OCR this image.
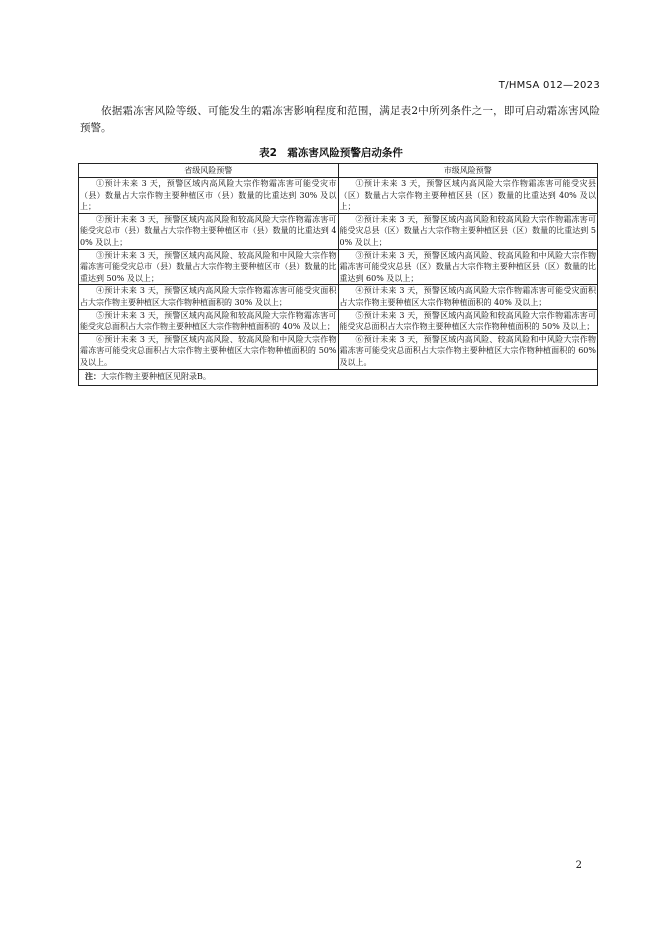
T/HMSA 012—2023

依据霜冻害风险等级、可能发生的霜冻害影响程度和范围，满足表2中所列条件之一，即可启动霜冻害风险预警。

表2　霜冻害风险预警启动条件
省级风险预警	市级风险预警
①预计未来 3 天，预警区域内高风险大宗作物霜冻害可能受灾市（县）数量占大宗作物主要种植区市（县）数量的比重达到 30% 及以上；	①预计未来 3 天，预警区域内高风险大宗作物霜冻害可能受灾县（区）数量占大宗作物主要种植区县（区）数量的比重达到 40% 及以上；
②预计未来 3 天，预警区域内高风险和较高风险大宗作物霜冻害可能受灾总市（县）数量占大宗作物主要种植区市（县）数量的比重达到 40% 及以上；	②预计未来 3 天，预警区域内高风险和较高风险大宗作物霜冻害可能受灾总县（区）数量占大宗作物主要种植区县（区）数量的比重达到 50% 及以上；
③预计未来 3 天，预警区域内高风险、较高风险和中风险大宗作物霜冻害可能受灾总市（县）数量占大宗作物主要种植区市（县）数量的比重达到 50% 及以上；	③预计未来 3 天，预警区域内高风险、较高风险和中风险大宗作物霜冻害可能受灾总县（区）数量占大宗作物主要种植区县（区）数量的比重达到 60% 及以上；
④预计未来 3 天，预警区域内高风险大宗作物霜冻害可能受灾面积占大宗作物主要种植区大宗作物种植面积的 30% 及以上；	④预计未来 3 天，预警区域内高风险大宗作物霜冻害可能受灾面积占大宗作物主要种植区大宗作物种植面积的 40% 及以上；
⑤预计未来 3 天，预警区域内高风险和较高风险大宗作物霜冻害可能受灾总面积占大宗作物主要种植区大宗作物种植面积的 40% 及以上；	⑤预计未来 3 天，预警区域内高风险和较高风险大宗作物霜冻害可能受灾总面积占大宗作物主要种植区大宗作物种植面积的 50% 及以上；
⑥预计未来 3 天，预警区域内高风险、较高风险和中风险大宗作物霜冻害可能受灾总面积占大宗作物主要种植区大宗作物种植面积的 50% 及以上。	⑥预计未来 3 天，预警区域内高风险、较高风险和中风险大宗作物霜冻害可能受灾总面积占大宗作物主要种植区大宗作物种植面积的 60% 及以上。
注：大宗作物主要种植区见附录B。	
2
